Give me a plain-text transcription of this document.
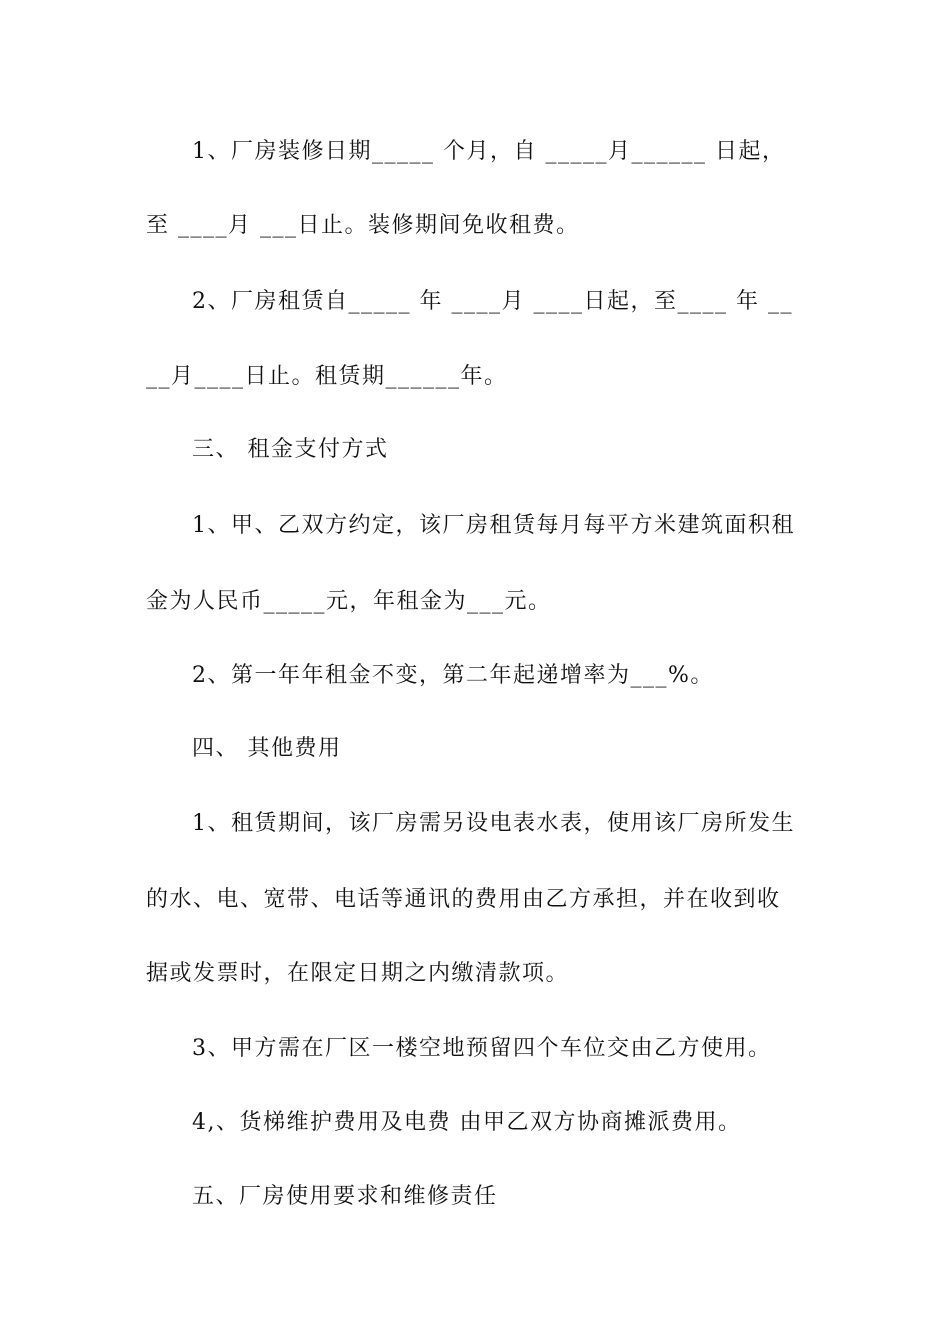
1、厂房装修日期_____ 个月，自 _____月______ 日起，
至 ____月 ___日止。装修期间免收租费。
2、厂房租赁自_____ 年 ____月 ____日起，至____ 年 __
__月____日止。租赁期______年。
三、 租金支付方式
1、甲、乙双方约定，该厂房租赁每月每平方米建筑面积租
金为人民币_____元，年租金为___元。
2、第一年年租金不变，第二年起递增率为___%。
四、 其他费用
1、租赁期间，该厂房需另设电表水表，使用该厂房所发生
的水、电、宽带、电话等通讯的费用由乙方承担，并在收到收
据或发票时，在限定日期之内缴清款项。
3、甲方需在厂区一楼空地预留四个车位交由乙方使用。
4,、货梯维护费用及电费 由甲乙双方协商摊派费用。
五、厂房使用要求和维修责任
